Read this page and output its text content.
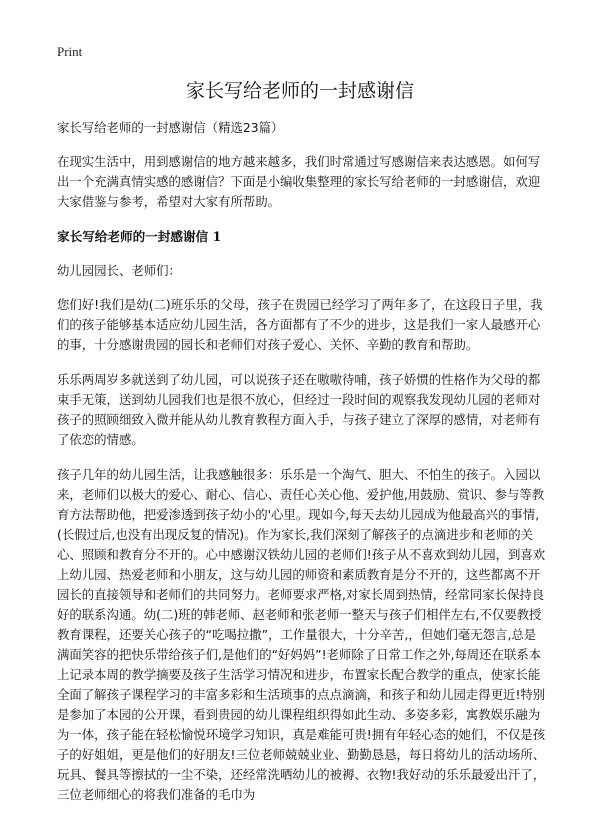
Print
家长写给老师的一封感谢信

家长写给老师的一封感谢信（精选23篇）

在现实生活中，用到感谢信的地方越来越多，我们时常通过写感谢信来表达感恩。如何写出一个充满真情实感的感谢信？下面是小编收集整理的家长写给老师的一封感谢信，欢迎大家借鉴与参考，希望对大家有所帮助。

家长写给老师的一封感谢信 1

幼儿园园长、老师们：

您们好!我们是幼(二)班乐乐的父母，孩子在贵园已经学习了两年多了，在这段日子里，我们的孩子能够基本适应幼儿园生活，各方面都有了不少的进步，这是我们一家人最感开心的事，十分感谢贵园的园长和老师们对孩子爱心、关怀、辛勤的教育和帮助。

乐乐两周岁多就送到了幼儿园，可以说孩子还在嗷嗷待哺，孩子娇惯的性格作为父母的都束手无策，送到幼儿园我们也是很不放心，但经过一段时间的观察我发现幼儿园的老师对孩子的照顾细致入微并能从幼儿教育教程方面入手，与孩子建立了深厚的感情，对老师有了依恋的情感。

孩子几年的幼儿园生活，让我感触很多：乐乐是一个淘气、胆大、不怕生的孩子。入园以来，老师们以极大的爱心、耐心、信心、责任心关心他、爱护他,用鼓励、赏识、参与等教育方法帮助他，把爱渗透到孩子幼小的'心里。现如今,每天去幼儿园成为他最高兴的事情,(长假过后,也没有出现反复的情况)。作为家长,我们深刻了解孩子的点滴进步和老师的关心、照顾和教育分不开的。心中感谢汉铁幼儿园的老师们!孩子从不喜欢到幼儿园，到喜欢上幼儿园、热爱老师和小朋友，这与幼儿园的师资和素质教育是分不开的，这些都离不开园长的直接领导和老师们的共同努力。老师要求严格,对家长周到热情，经常同家长保持良好的联系沟通。幼(二)班的韩老师、赵老师和张老师一整天与孩子们相伴左右,不仅要教授教育课程，还要关心孩子的“吃喝拉撒”，工作量很大，十分辛苦,，但她们毫无怨言,总是满面笑容的把快乐带给孩子们,是他们的“好妈妈”!老师除了日常工作之外,每周还在联系本上记录本周的教学摘要及孩子生活学习情况和进步，布置家长配合教学的重点，使家长能全面了解孩子课程学习的丰富多彩和生活琐事的点点滴滴，和孩子和幼儿园走得更近!特别是参加了本园的公开课，看到贵园的幼儿课程组织得如此生动、多姿多彩，寓教娱乐融为为一体，孩子能在轻松愉悦环境学习知识，真是难能可贵!拥有年轻心态的她们，不仅是孩子的好姐姐，更是他们的好朋友!三位老师兢兢业业、勤勤恳恳，每日将幼儿的活动场所、玩具、餐具等擦拭的一尘不染，还经常洗晒幼儿的被褥、衣物!我好动的乐乐最爱出汗了，三位老师细心的将我们准备的毛巾为
